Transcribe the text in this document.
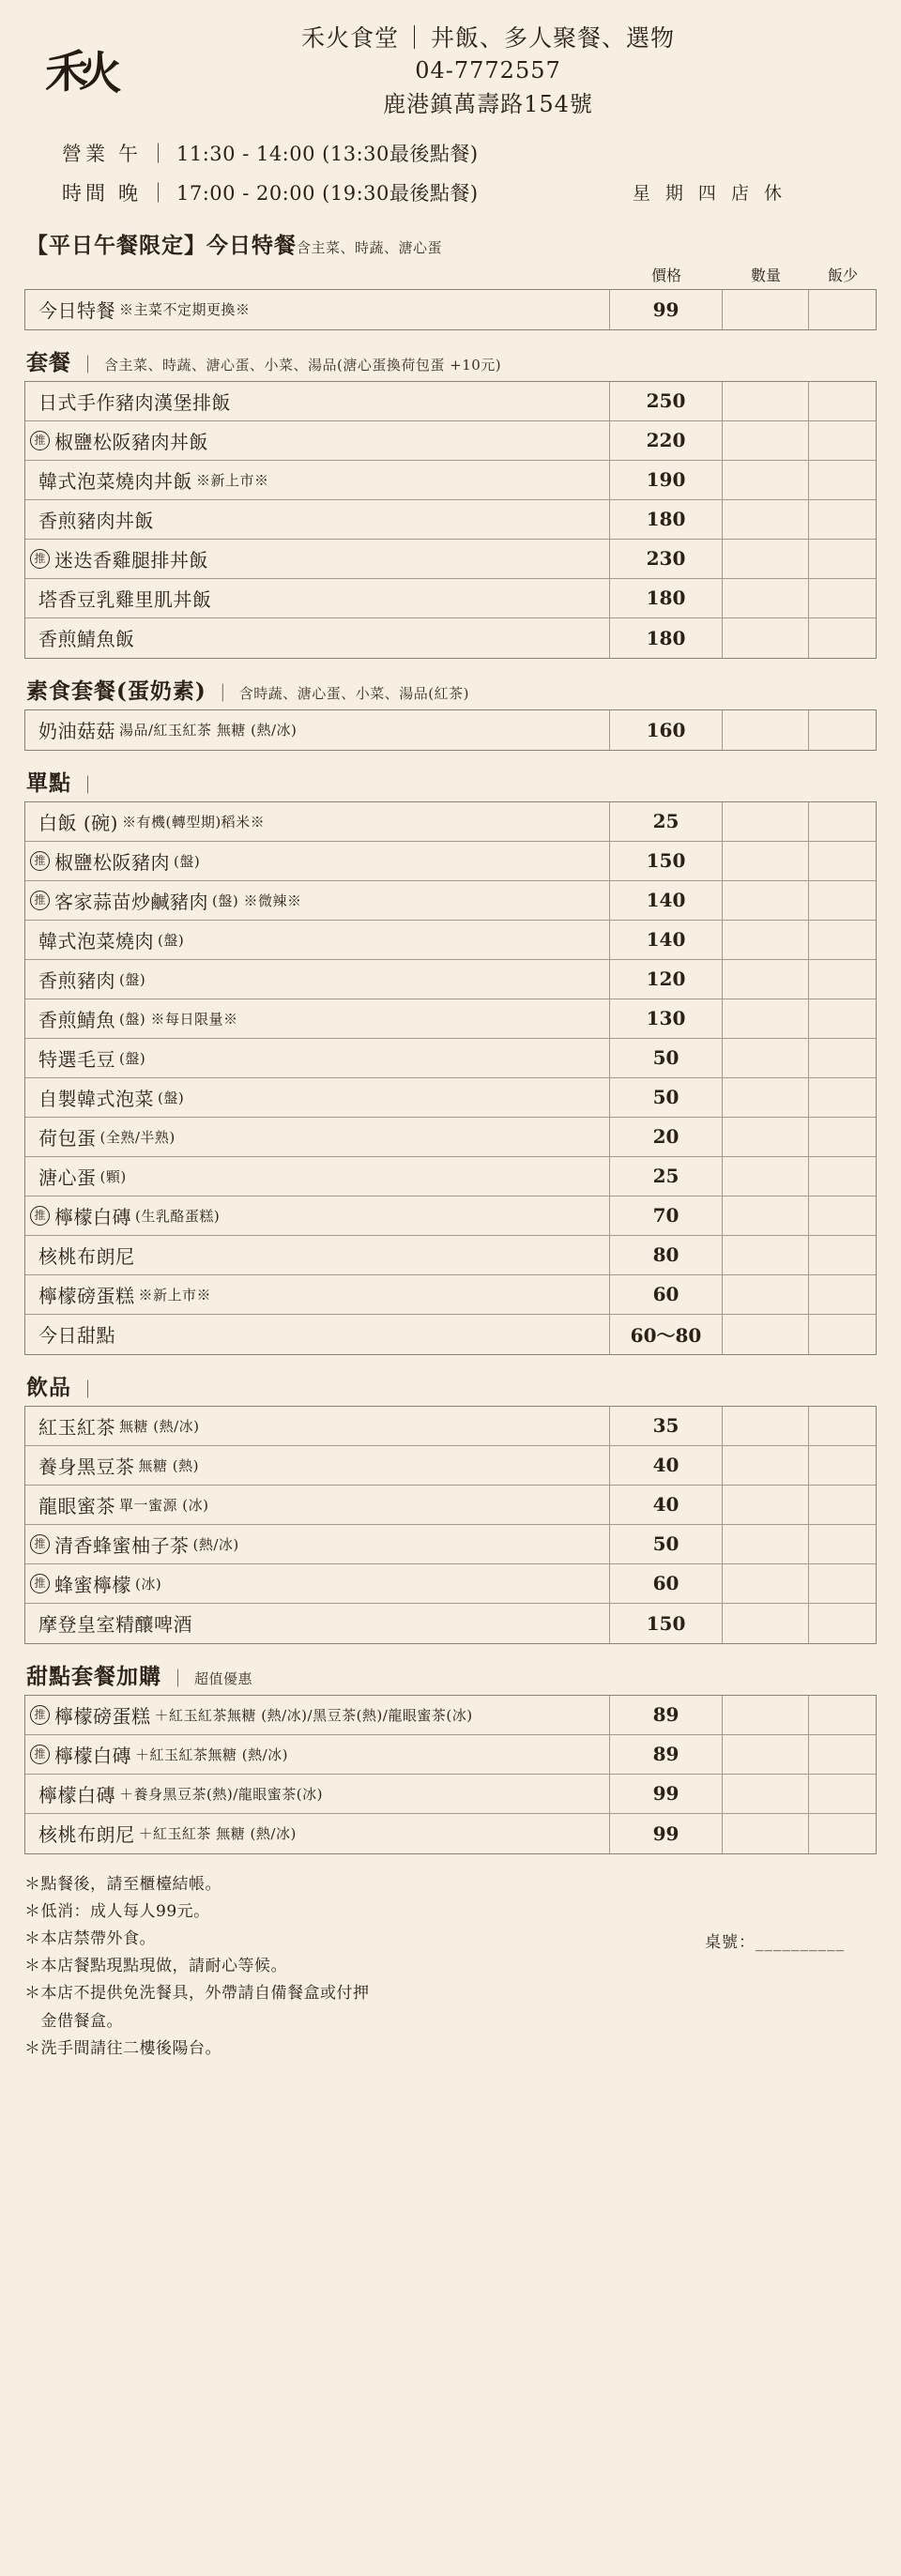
禾
火
禾火食堂 ｜ 丼飯、多人聚餐、選物
04-7772557
鹿港鎮萬壽路154號
營業 午 ｜ 11:30 - 14:00 (13:30最後點餐)
時間 晚 ｜ 17:00 - 20:00 (19:30最後點餐)	星 期 四 店 休
【平日午餐限定】今日特餐 含主菜、時蔬、溏心蛋
價格	數量	飯少
今日特餐 ※主菜不定期更換※	99
套餐 ｜ 含主菜、時蔬、溏心蛋、小菜、湯品(溏心蛋換荷包蛋 +10元)
日式手作豬肉漢堡排飯	250
推 椒鹽松阪豬肉丼飯	220
韓式泡菜燒肉丼飯 ※新上市※	190
香煎豬肉丼飯	180
推 迷迭香雞腿排丼飯	230
塔香豆乳雞里肌丼飯	180
香煎鯖魚飯	180
素食套餐(蛋奶素) ｜ 含時蔬、溏心蛋、小菜、湯品(紅茶)
奶油菇菇 湯品/紅玉紅茶 無糖 (熱/冰)	160
單點 ｜
白飯 (碗) ※有機(轉型期)稻米※	25
推 椒鹽松阪豬肉 (盤)	150
推 客家蒜苗炒鹹豬肉 (盤) ※微辣※	140
韓式泡菜燒肉 (盤)	140
香煎豬肉 (盤)	120
香煎鯖魚 (盤) ※每日限量※	130
特選毛豆 (盤)	50
自製韓式泡菜 (盤)	50
荷包蛋 (全熟/半熟)	20
溏心蛋 (顆)	25
推 檸檬白磚 (生乳酪蛋糕)	70
核桃布朗尼	80
檸檬磅蛋糕 ※新上市※	60
今日甜點	60〜80
飲品 ｜
紅玉紅茶 無糖 (熱/冰)	35
養身黑豆茶 無糖 (熱)	40
龍眼蜜茶 單一蜜源 (冰)	40
推 清香蜂蜜柚子茶 (熱/冰)	50
推 蜂蜜檸檬 (冰)	60
摩登皇室精釀啤酒	150
甜點套餐加購 ｜ 超值優惠
推 檸檬磅蛋糕 ＋紅玉紅茶無糖 (熱/冰)/黑豆茶(熱)/龍眼蜜茶(冰)	89
推 檸檬白磚 ＋紅玉紅茶無糖 (熱/冰)	89
檸檬白磚 ＋養身黑豆茶(熱)/龍眼蜜茶(冰)	99
核桃布朗尼 ＋紅玉紅茶 無糖 (熱/冰)	99
＊點餐後，請至櫃檯結帳。
＊低消：成人每人99元。
＊本店禁帶外食。
＊本店餐點現點現做，請耐心等候。
＊本店不提供免洗餐具，外帶請自備餐盒或付押
　金借餐盒。
＊洗手間請往二樓後陽台。
桌號：__________
